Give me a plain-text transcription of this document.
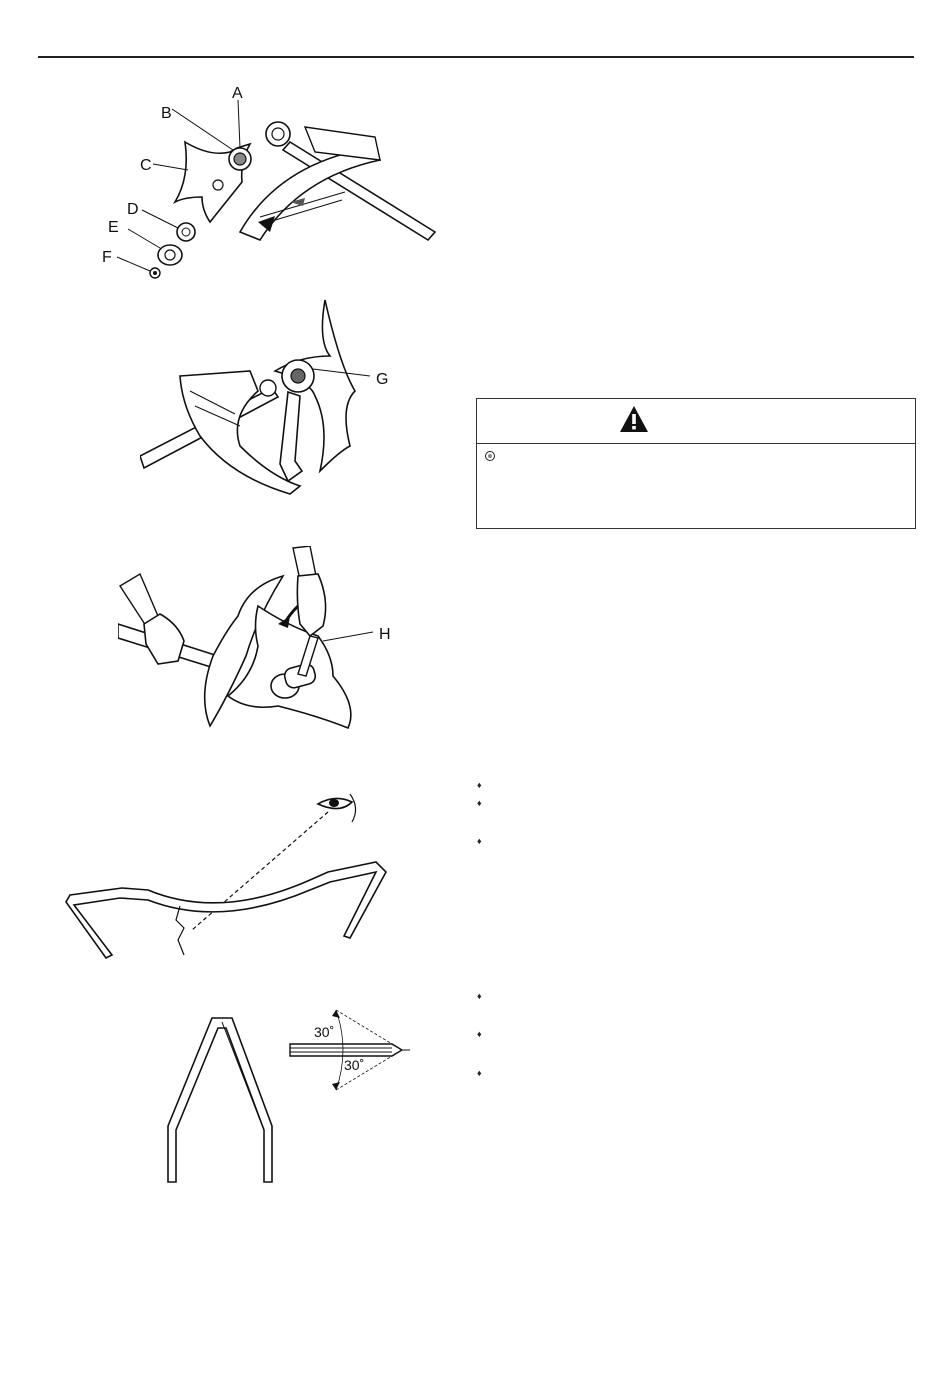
A
B
C
D
E
F
G
H
30˚
30˚
♦
♦
♦
♦
♦
♦
